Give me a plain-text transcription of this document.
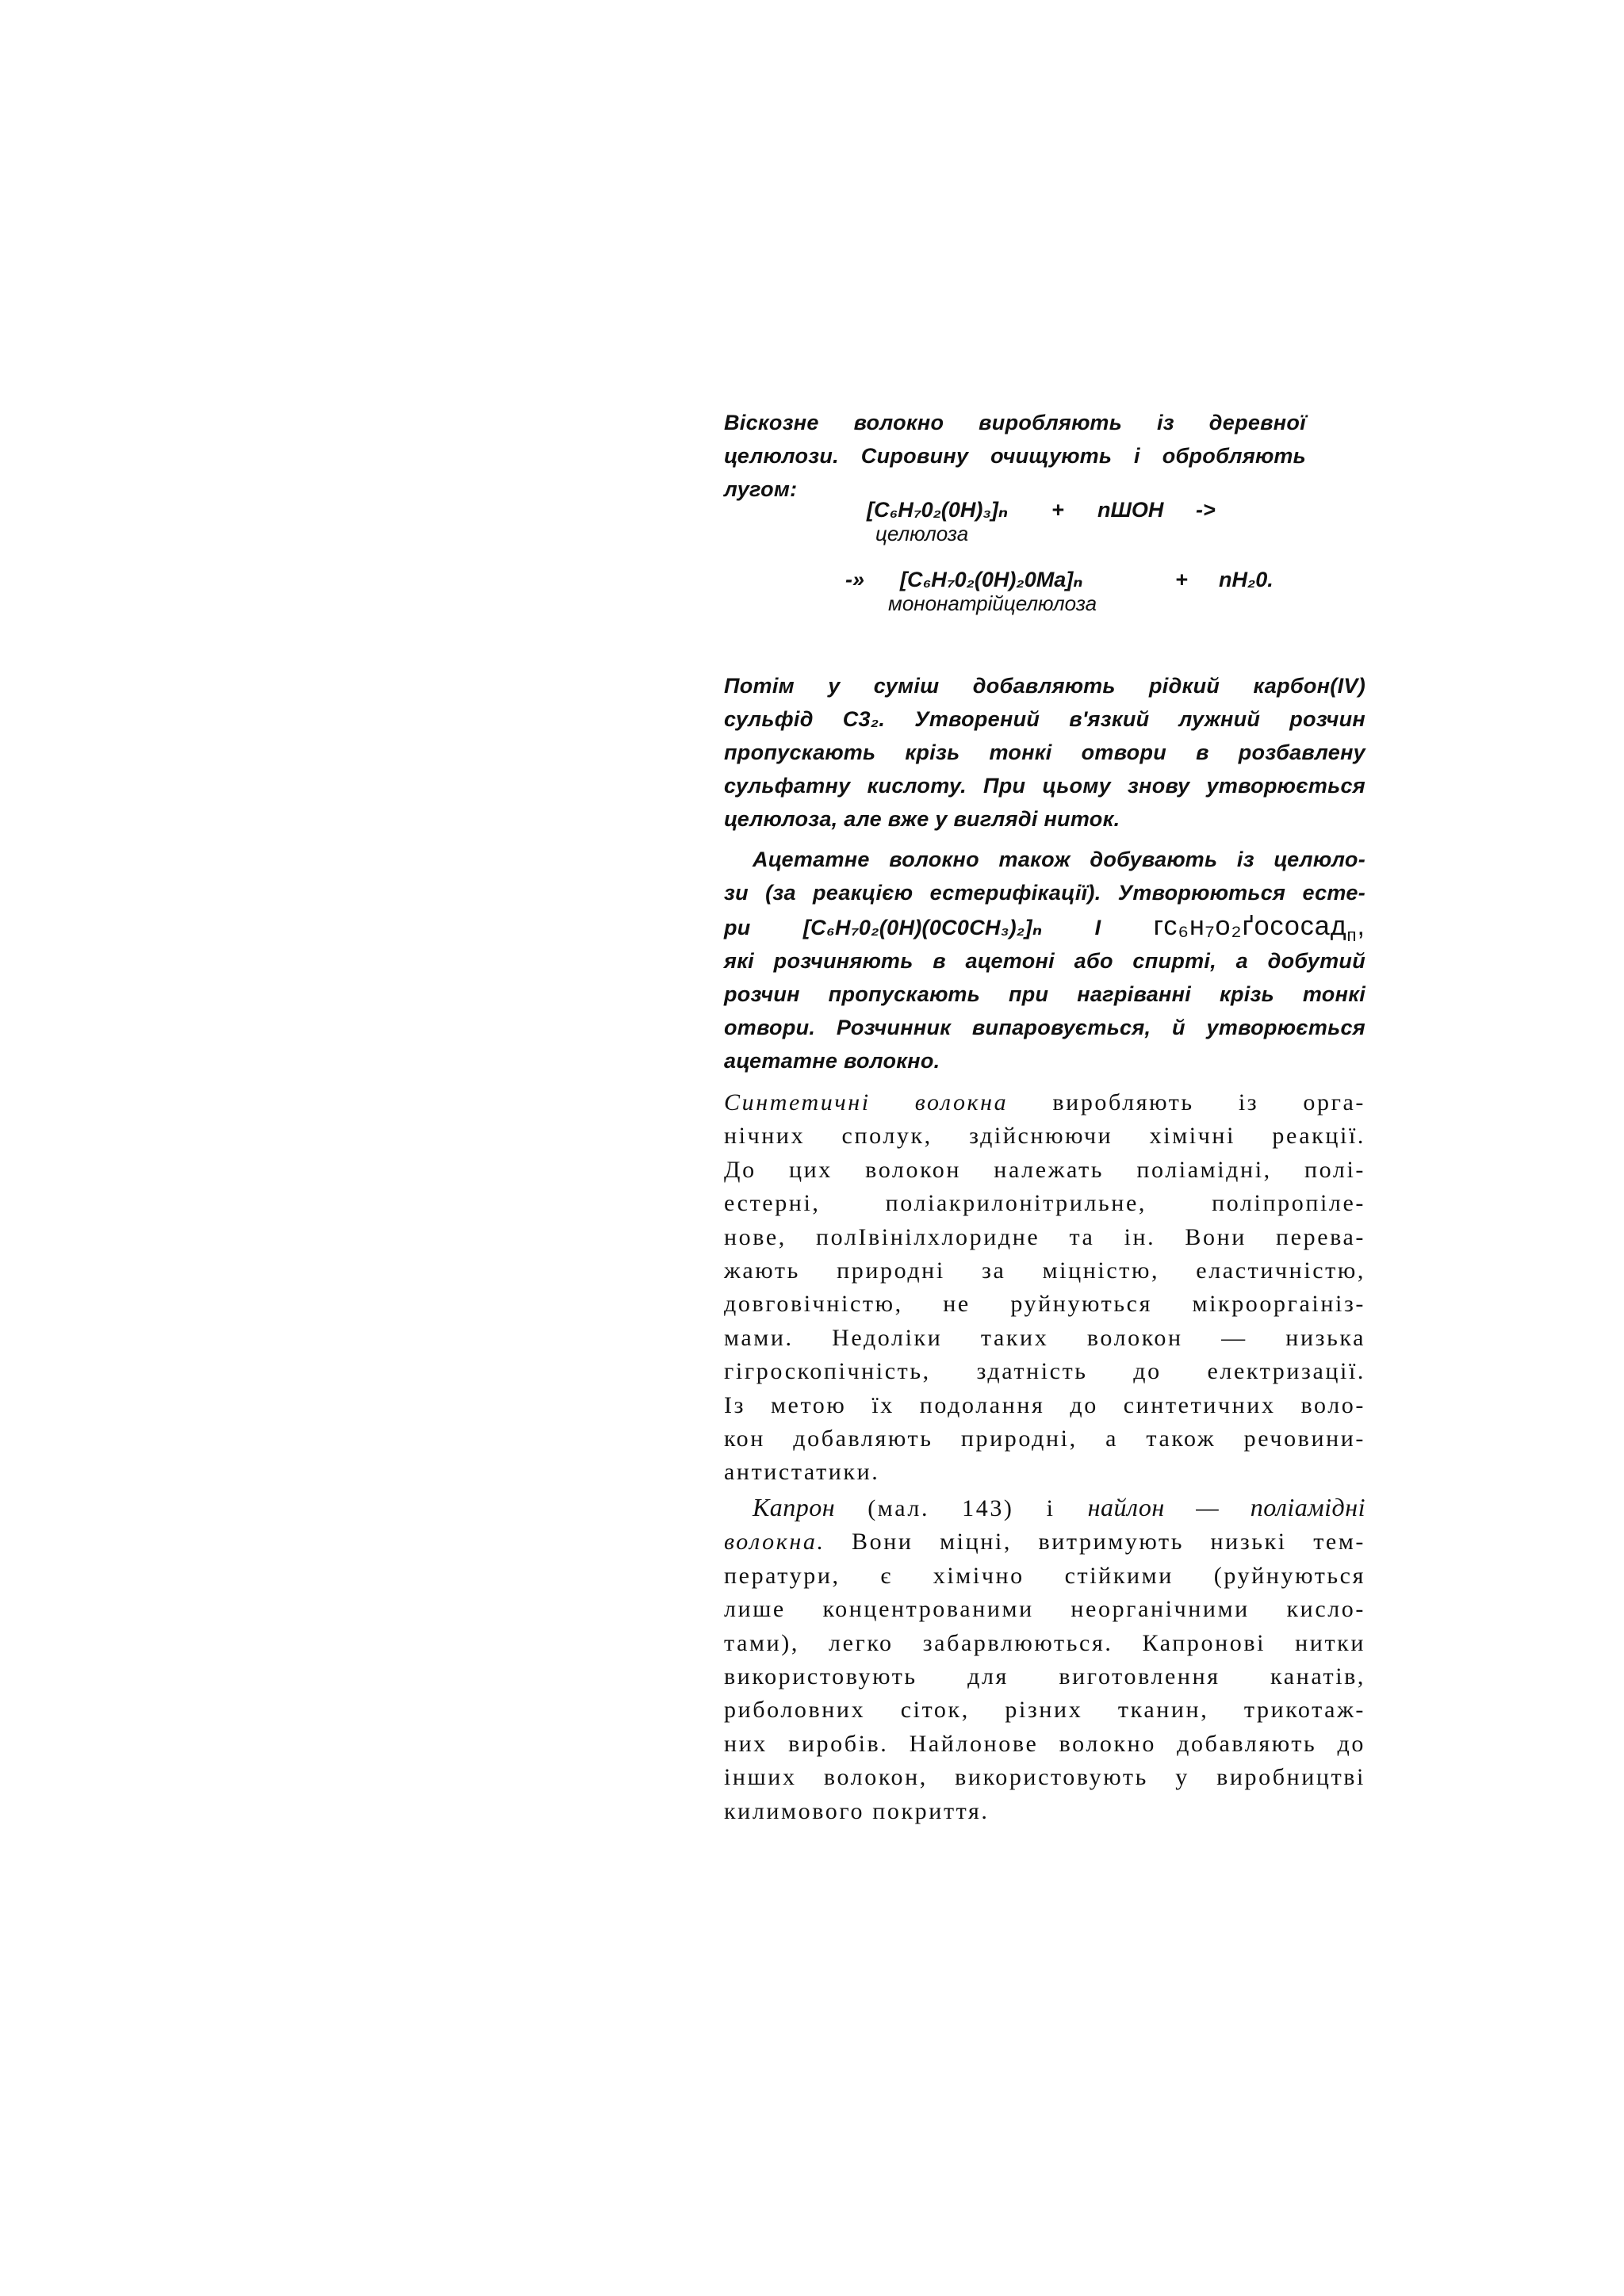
Віскозне волокно виробляють із деревної
целюлози. Сировину очищують і обробляють
лугом:
[C₆H₇0₂(0H)₃]ₙ + nШOH ->
целюлоза
-» [C₆H₇0₂(0H)₂0Ma]ₙ	+ nH₂0.
мононатрійцелюлоза
Потім у суміш добавляють рідкий карбон(IV)
сульфід C3₂. Утворений в'язкий лужний розчин
пропускають крізь тонкі отвори в розбавлену
сульфатну кислоту. При цьому знову утворюється
целюлоза, але вже у вигляді ниток.
Ацетатне волокно також добувають із целюло-
зи (за реакцією естерифікації). Утворюються есте-
ри [C₆H₇0₂(0H)(0C0CH₃)₂]ₙ I гс₆н₇о₂ґососад$_п$,
які розчиняють в ацетоні або спирті, а добутий
розчин пропускають при нагріванні крізь тонкі
отвори. Розчинник випаровується, й утворюється
ацетатне волокно.
Синтетичні волокна виробляють із орга-
нічних сполук, здійснюючи хімічні реакції.
До цих волокон належать поліамідні, полі-
естерні, поліакрилонітрильне, поліпропіле-
нове, полІвінілхлоридне та ін. Вони перева-
жають природні за міцністю, еластичністю,
довговічністю, не руйнуються мікрооргаініз-
мами. Недоліки таких волокон — низька
гігроскопічність, здатність до електризації.
Із метою їх подолання до синтетичних воло-
кон добавляють природні, а також речовини-
антистатики.
Капрон (мал. 143) і найлон — поліамідні
волокна. Вони міцні, витримують низькі тем-
ператури, є хімічно стійкими (руйнуються
лише концентрованими неорганічними кисло-
тами), легко забарвлюються. Капронові нитки
використовують для виготовлення канатів,
риболовних сіток, різних тканин, трикотаж-
них виробів. Найлонове волокно добавляють до
інших волокон, використовують у виробництві
килимового покриття.
